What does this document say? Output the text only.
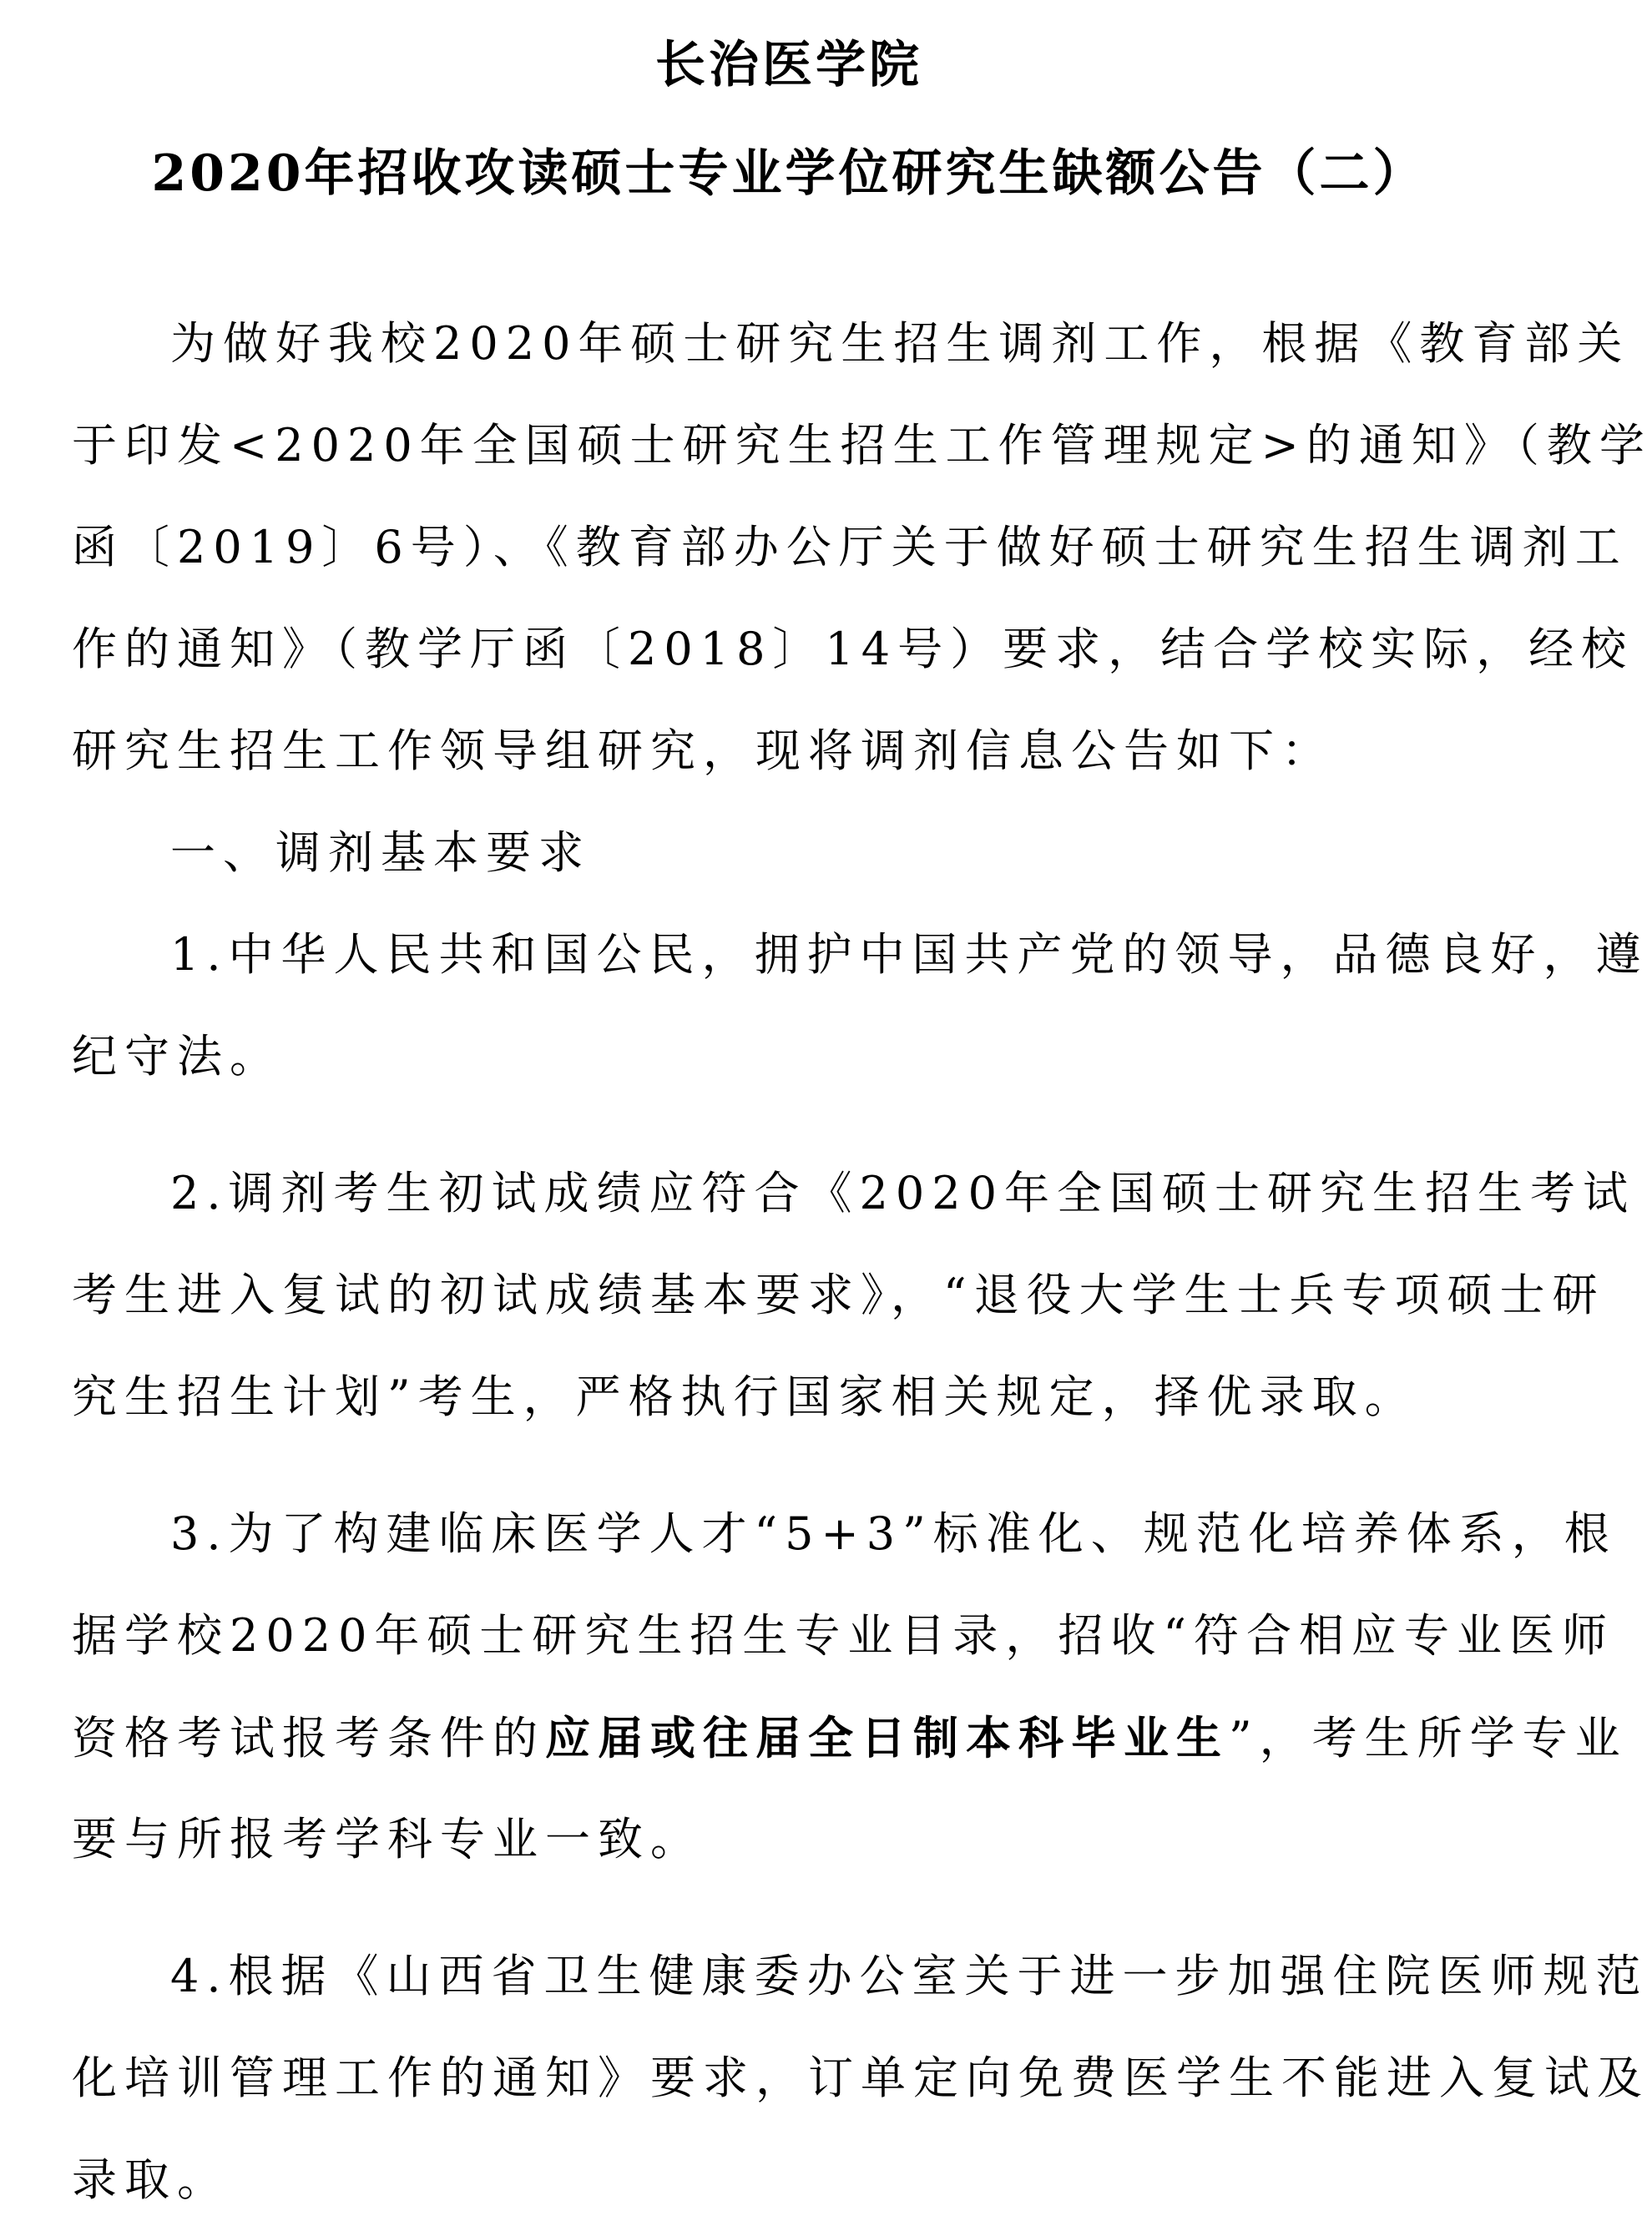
长治医学院
2020年招收攻读硕士专业学位研究生缺额公告（二）
为做好我校2020年硕士研究生招生调剂工作，根据《教育部关
于印发<2020年全国硕士研究生招生工作管理规定>的通知》（教学
函〔2019〕6号）、《教育部办公厅关于做好硕士研究生招生调剂工
作的通知》（教学厅函〔2018〕14号）要求，结合学校实际，经校
研究生招生工作领导组研究，现将调剂信息公告如下：
一、调剂基本要求
1.中华人民共和国公民，拥护中国共产党的领导，品德良好，遵
纪守法。
2.调剂考生初试成绩应符合《2020年全国硕士研究生招生考试
考生进入复试的初试成绩基本要求》，“退役大学生士兵专项硕士研
究生招生计划”考生，严格执行国家相关规定，择优录取。
3.为了构建临床医学人才“5+3”标准化、规范化培养体系，根
据学校2020年硕士研究生招生专业目录，招收“符合相应专业医师
资格考试报考条件的应届或往届全日制本科毕业生”，考生所学专业
要与所报考学科专业一致。
4.根据《山西省卫生健康委办公室关于进一步加强住院医师规范
化培训管理工作的通知》要求，订单定向免费医学生不能进入复试及
录取。
